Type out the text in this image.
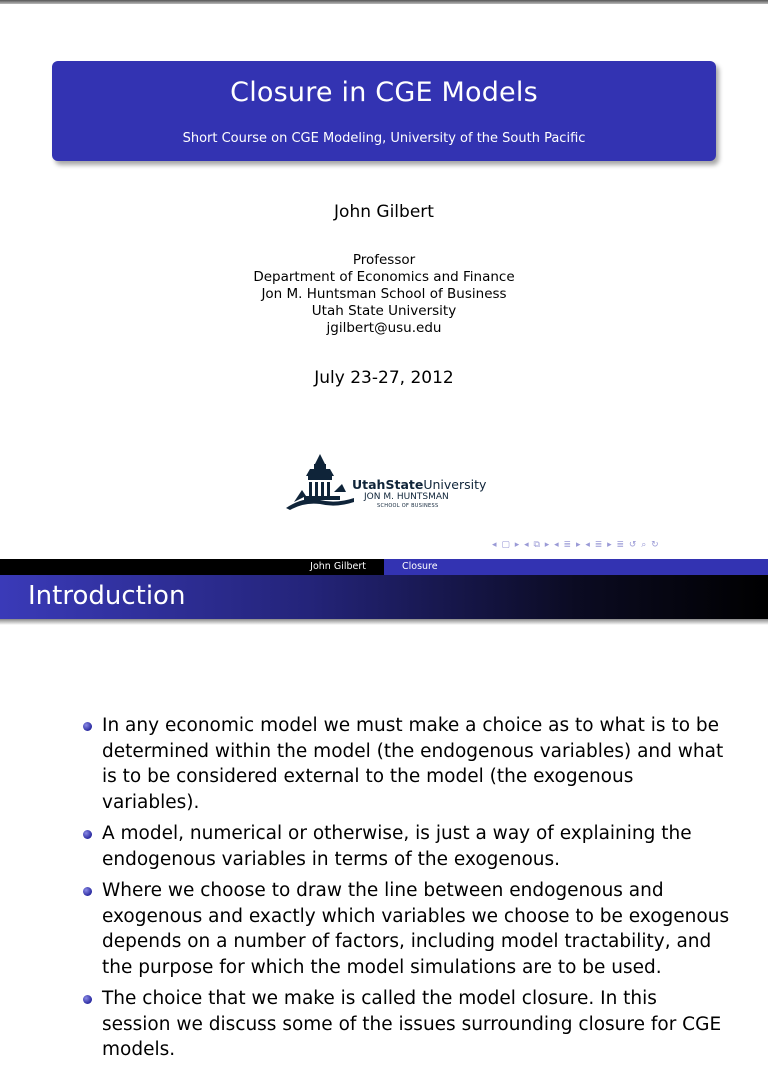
Closure in CGE Models
Short Course on CGE Modeling, University of the South Pacific
John Gilbert
Professor
Department of Economics and Finance
Jon M. Huntsman School of Business
Utah State University
jgilbert@usu.edu
July 23-27, 2012
UtahStateUniversity
JON M. HUNTSMAN
SCHOOL OF BUSINESS
◂ ▢ ▸ ◂ ⧉ ▸ ◂ ≣ ▸ ◂ ≣ ▸ ≣ ↺ ⌕ ↻
John Gilbert	Closure
Introduction
In any economic model we must make a choice as to what is to be determined within the model (the endogenous variables) and what is to be considered external to the model (the exogenous variables).
A model, numerical or otherwise, is just a way of explaining the endogenous variables in terms of the exogenous.
Where we choose to draw the line between endogenous and exogenous and exactly which variables we choose to be exogenous depends on a number of factors, including model tractability, and the purpose for which the model simulations are to be used.
The choice that we make is called the model closure. In this session we discuss some of the issues surrounding closure for CGE models.
